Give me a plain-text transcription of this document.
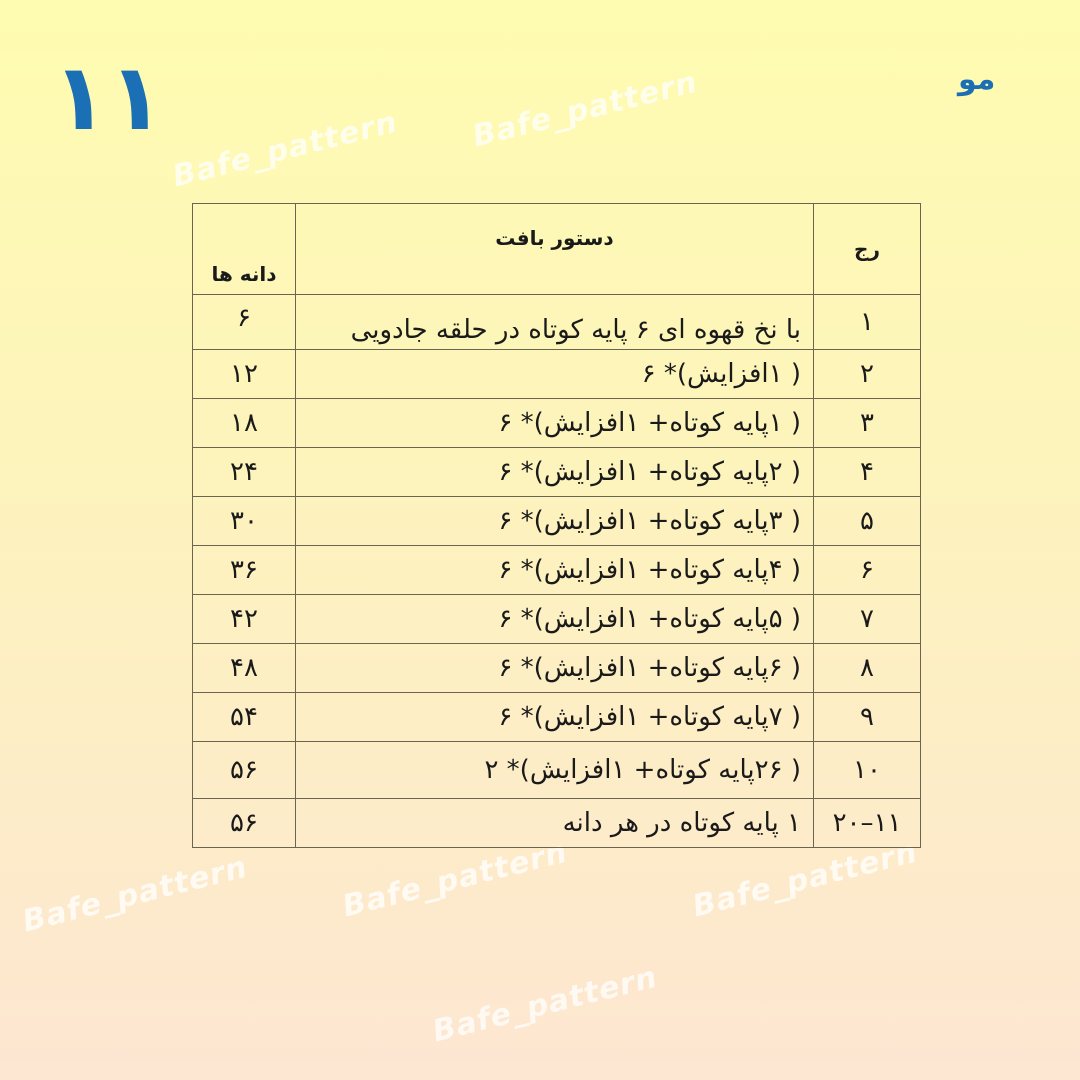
۱۱	مو
Bafe_pattern Bafe_pattern
Bafe_pattern	Bafe_pattern	Bafe_pattern
Bafe_pattern
رج	دستور بافت	دانه ها
۱	با نخ قهوه ای ۶ پایه کوتاه در حلقه جادویی	۶
۲	( ۱افزایش)* ۶	۱۲
۳	( ۱پایه کوتاه+ ۱افزایش)* ۶	۱۸
۴	( ۲پایه کوتاه+ ۱افزایش)* ۶	۲۴
۵	( ۳پایه کوتاه+ ۱افزایش)* ۶	۳۰
۶	( ۴پایه کوتاه+ ۱افزایش)* ۶	۳۶
۷	( ۵پایه کوتاه+ ۱افزایش)* ۶	۴۲
۸	( ۶پایه کوتاه+ ۱افزایش)* ۶	۴۸
۹	( ۷پایه کوتاه+ ۱افزایش)* ۶	۵۴
۱۰	( ۲۶پایه کوتاه+ ۱افزایش)* ۲	۵۶
۱۱–۲۰	۱ پایه کوتاه در هر دانه	۵۶
